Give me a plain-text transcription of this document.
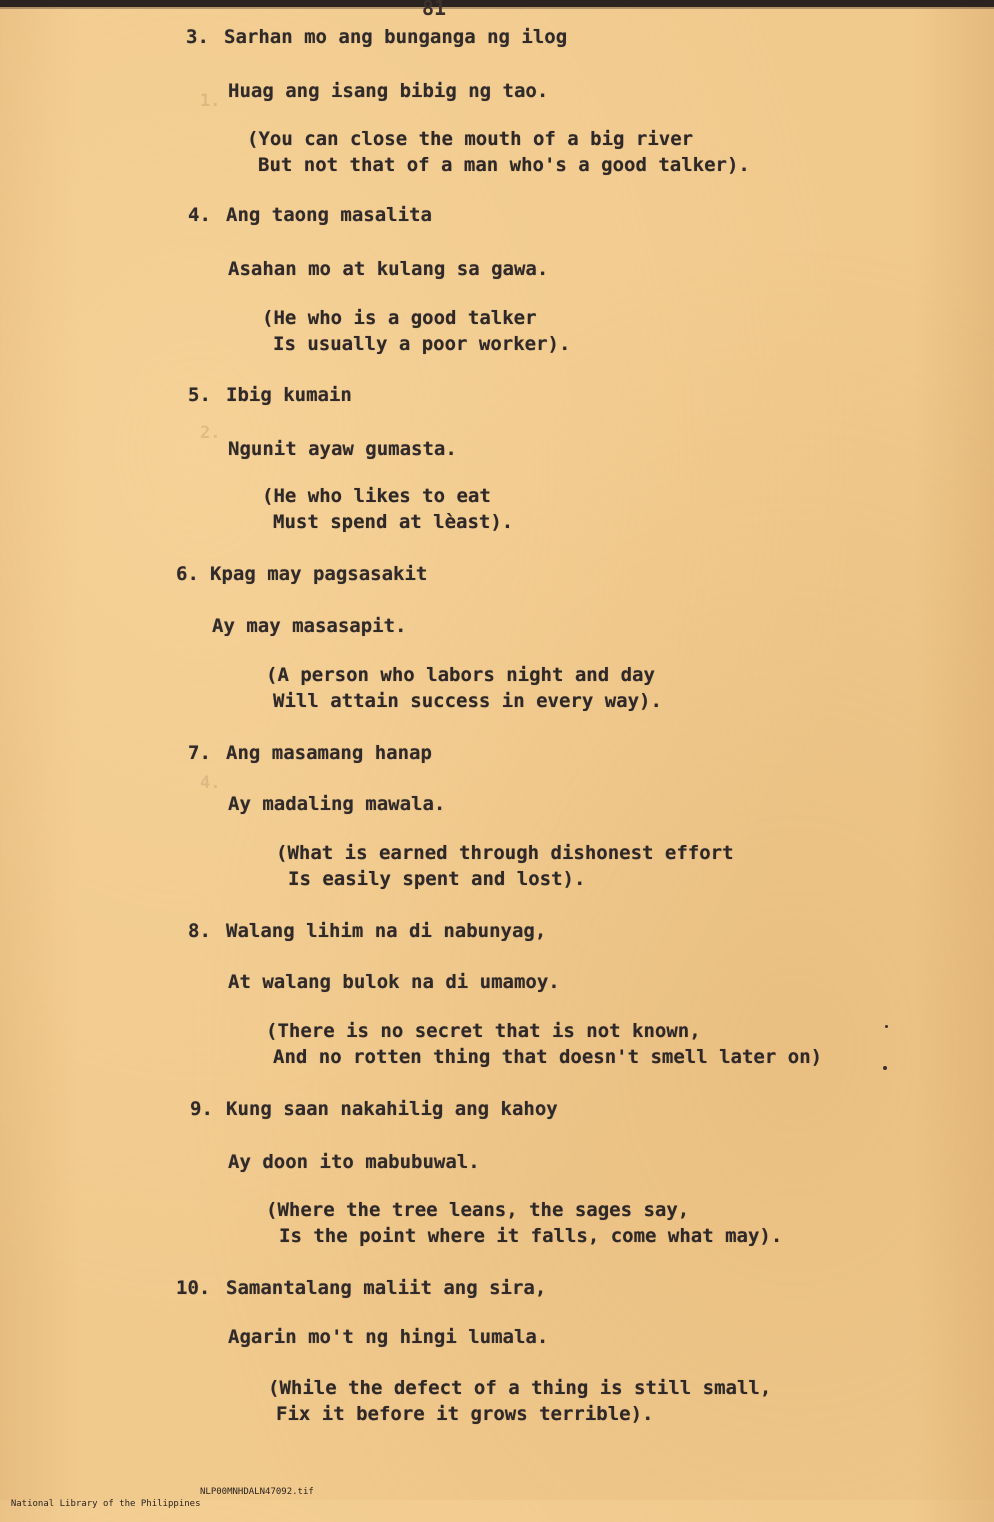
81
1.
2.
4.
3. Sarhan mo ang bunganga ng ilog
Huag ang isang bibig ng tao.
(You can close the mouth of a big river
But not that of a man who's a good talker).
4. Ang taong masalita
Asahan mo at kulang sa gawa.
(He who is a good talker
Is usually a poor worker).
5. Ibig kumain
Ngunit ayaw gumasta.
(He who likes to eat
Must spend at lèast).
6. Kpag may pagsasakit
Ay may masasapit.
(A person who labors night and day
Will attain success in every way).
7. Ang masamang hanap
Ay madaling mawala.
(What is earned through dishonest effort
Is easily spent and lost).
8. Walang lihim na di nabunyag,
At walang bulok na di umamoy.
(There is no secret that is not known,
And no rotten thing that doesn't smell later on)
9. Kung saan nakahilig ang kahoy
Ay doon ito mabubuwal.
(Where the tree leans, the sages say,
Is the point where it falls, come what may).
10. Samantalang maliit ang sira,
Agarin mo't ng hingi lumala.
(While the defect of a thing is still small,
Fix it before it grows terrible).

National Library of the Philippines

NLP00MNHDALN47092.tif
